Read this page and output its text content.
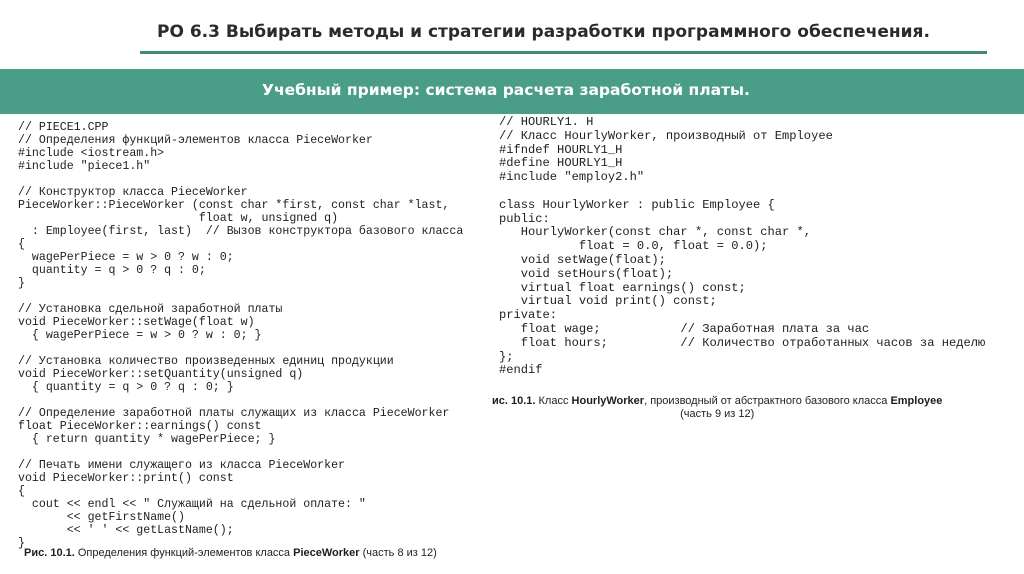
РО 6.3 Выбирать методы и стратегии разработки программного обеспечения.
Учебный пример: система расчета заработной платы.
// PIECE1.CPP
// Определения функций-элементов класса PieceWorker
#include <iostream.h>
#include "piece1.h"

// Конструктор класса PieceWorker
PieceWorker::PieceWorker (const char *first, const char *last,
float w, unsigned q)
: Employee(first, last)  // Вызов конструктора базового класса
{
wagePerPiece = w > 0 ? w : 0;
quantity = q > 0 ? q : 0;
}

// Установка сдельной заработной платы
void PieceWorker::setWage(float w)
{ wagePerPiece = w > 0 ? w : 0; }

// Установка количество произведенных единиц продукции
void PieceWorker::setQuantity(unsigned q)
{ quantity = q > 0 ? q : 0; }

// Определение заработной платы служащих из класса PieceWorker
float PieceWorker::earnings() const
{ return quantity * wagePerPiece; }

// Печать имени служащего из класса PieceWorker
void PieceWorker::print() const
{
cout << endl << " Служащий на сдельной оплате: "
<< getFirstName()
<< ' ' << getLastName();
}
Рис. 10.1. Определения функций-элементов класса PieceWorker (часть 8 из 12)
// HOURLY1. H
// Класс HourlyWorker, производный от Employee
#ifndef HOURLY1_H
#define HOURLY1_H
#include "employ2.h"

class HourlyWorker : public Employee {
public:
HourlyWorker(const char *, const char *,
float = 0.0, float = 0.0);
void setWage(float);
void setHours(float);
virtual float earnings() const;
virtual void print() const;
private:
float wage;           // Заработная плата за час
float hours;          // Количество отработанных часов за неделю
};
#endif
ис. 10.1. Класс HourlyWorker, производный от абстрактного базового класса Employee
(часть 9 из 12)
